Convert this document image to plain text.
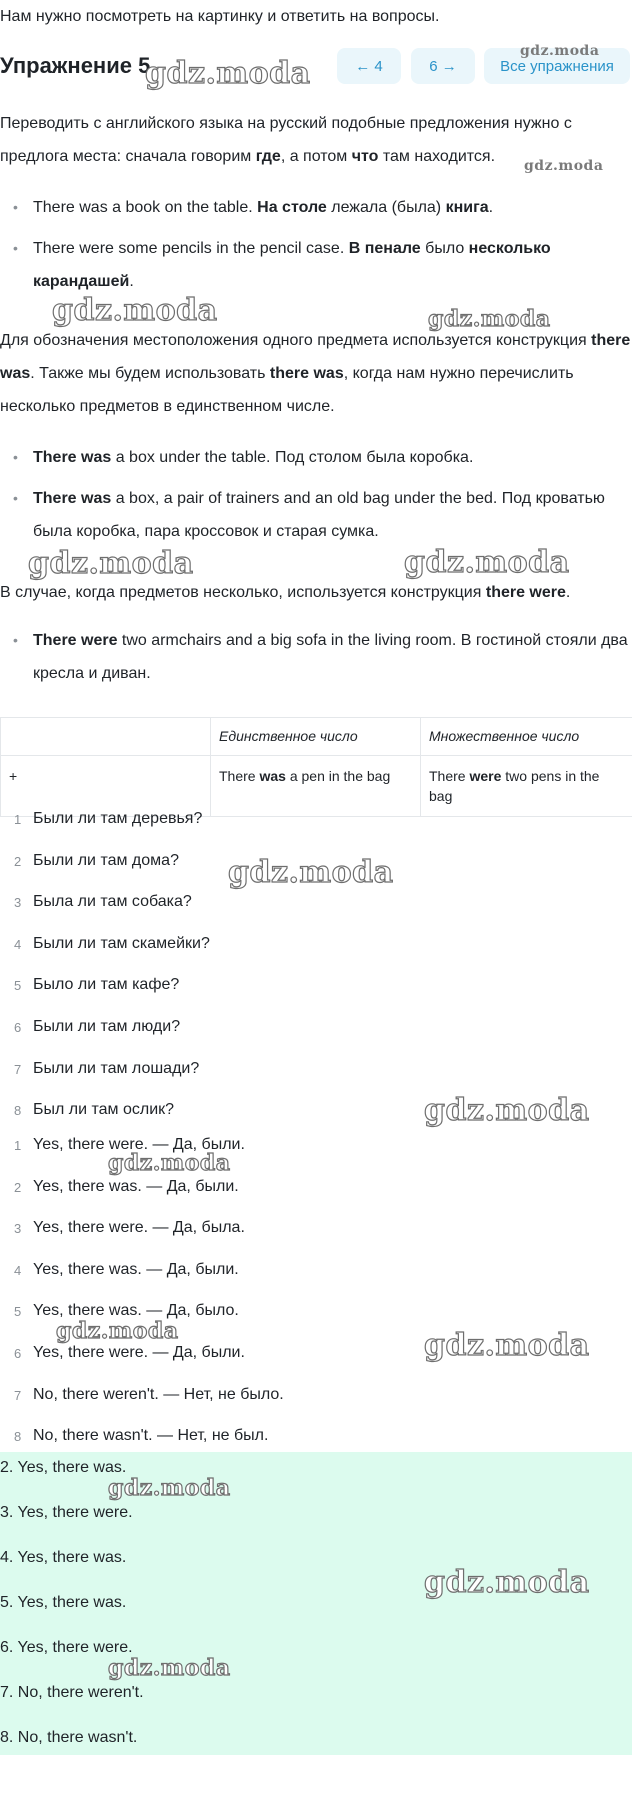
Нам нужно посмотреть на картинку и ответить на вопросы.
Упражнение 5	← 4	6 →	Все упражнения

Переводить с английского языка на русский подобные предложения нужно с предлога места: сначала говорим где, а потом что там находится.

• There was a book on the table. На столе лежала (была) книга.
• There were some pencils in the pencil case. В пенале было несколько карандашей.

Для обозначения местоположения одного предмета используется конструкция there was. Также мы будем использовать there was, когда нам нужно перечислить несколько предметов в единственном числе.

• There was a box under the table. Под столом была коробка.
• There was a box, a pair of trainers and an old bag under the bed. Под кроватью была коробка, пара кроссовок и старая сумка.

В случае, когда предметов несколько, используется конструкция there were.

• There were two armchairs and a big sofa in the living room. В гостиной стояли два кресла и диван.
	Единственное число	Множественное число
+	There was a pen in the bag	There were two pens in the bag
1 Были ли там деревья?
2 Были ли там дома?
3 Была ли там собака?
4 Были ли там скамейки?
5 Было ли там кафе?
6 Были ли там люди?
7 Были ли там лошади?
8 Был ли там ослик?
1 Yes, there were. — Да, были.
2 Yes, there was. — Да, были.
3 Yes, there were. — Да, была.
4 Yes, there was. — Да, были.
5 Yes, there was. — Да, было.
6 Yes, there were. — Да, были.
7 No, there weren't. — Нет, не было.
8 No, there wasn't. — Нет, не был.
2. Yes, there was.
3. Yes, there were.
4. Yes, there was.
5. Yes, there was.
6. Yes, there were.
7. No, there weren't.
8. No, there wasn't.
gdz.moda
gdz.moda
gdz.moda
gdz.moda	gdz.moda
gdz.moda	gdz.moda
gdz.moda
gdz.moda
gdz.moda
gdz.moda	gdz.moda
gdz.moda
gdz.moda
gdz.moda
